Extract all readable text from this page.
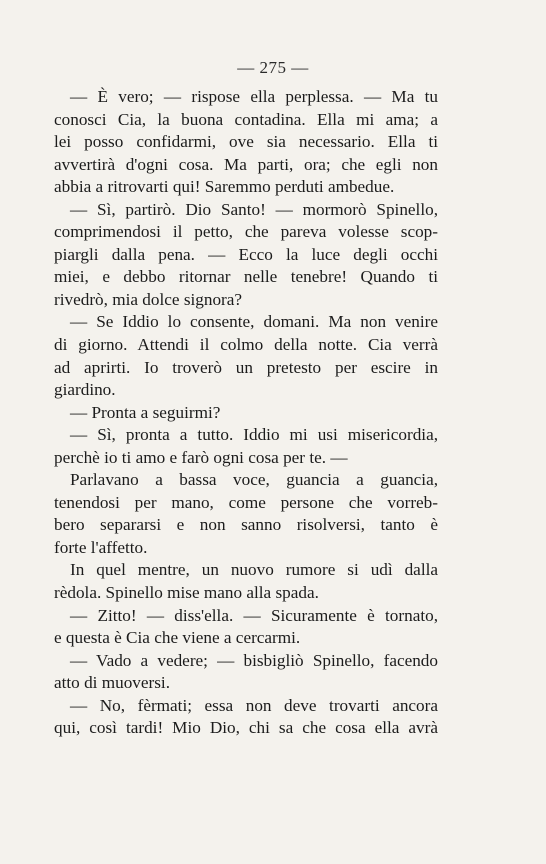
— 275 —
— È vero; — rispose ella perplessa. — Ma tu
conosci Cia, la buona contadina. Ella mi ama; a
lei posso confidarmi, ove sia necessario. Ella ti
avvertirà d'ogni cosa. Ma parti, ora; che egli non
abbia a ritrovarti qui! Saremmo perduti ambedue.
— Sì, partirò. Dio Santo! — mormorò Spinello,
comprimendosi il petto, che pareva volesse scop-
piargli dalla pena. — Ecco la luce degli occhi
miei, e debbo ritornar nelle tenebre! Quando ti
rivedrò, mia dolce signora?
— Se Iddio lo consente, domani. Ma non venire
di giorno. Attendi il colmo della notte. Cia verrà
ad aprirti. Io troverò un pretesto per escire in
giardino.
— Pronta a seguirmi?
— Sì, pronta a tutto. Iddio mi usi misericordia,
perchè io ti amo e farò ogni cosa per te. —
Parlavano a bassa voce, guancia a guancia,
tenendosi per mano, come persone che vorreb-
bero separarsi e non sanno risolversi, tanto è
forte l'affetto.
In quel mentre, un nuovo rumore si udì dalla
rèdola. Spinello mise mano alla spada.
— Zitto! — diss'ella. — Sicuramente è tornato,
e questa è Cia che viene a cercarmi.
— Vado a vedere; — bisbigliò Spinello, facendo
atto di muoversi.
— No, fèrmati; essa non deve trovarti ancora
qui, così tardi! Mio Dio, chi sa che cosa ella avrà
